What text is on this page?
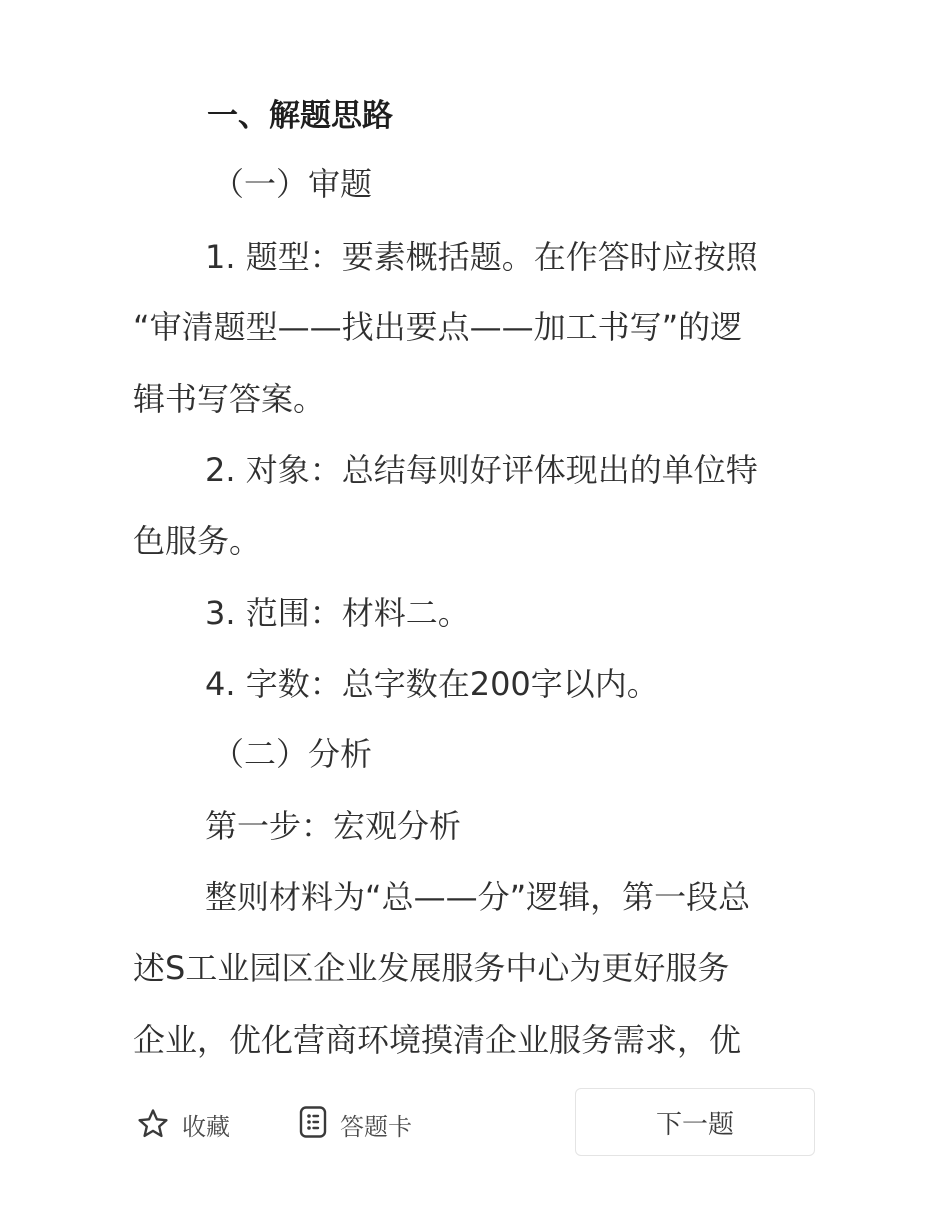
一、解题思路
（一）审题
1. 题型：要素概括题。在作答时应按照
“审清题型——找出要点——加工书写”的逻
辑书写答案。
2. 对象：总结每则好评体现出的单位特
色服务。
3. 范围：材料二。
4. 字数：总字数在200字以内。
（二）分析
第一步：宏观分析
整则材料为“总——分”逻辑，第一段总
述S工业园区企业发展服务中心为更好服务
企业，优化营商环境摸清企业服务需求，优
收藏	答题卡	下一题
